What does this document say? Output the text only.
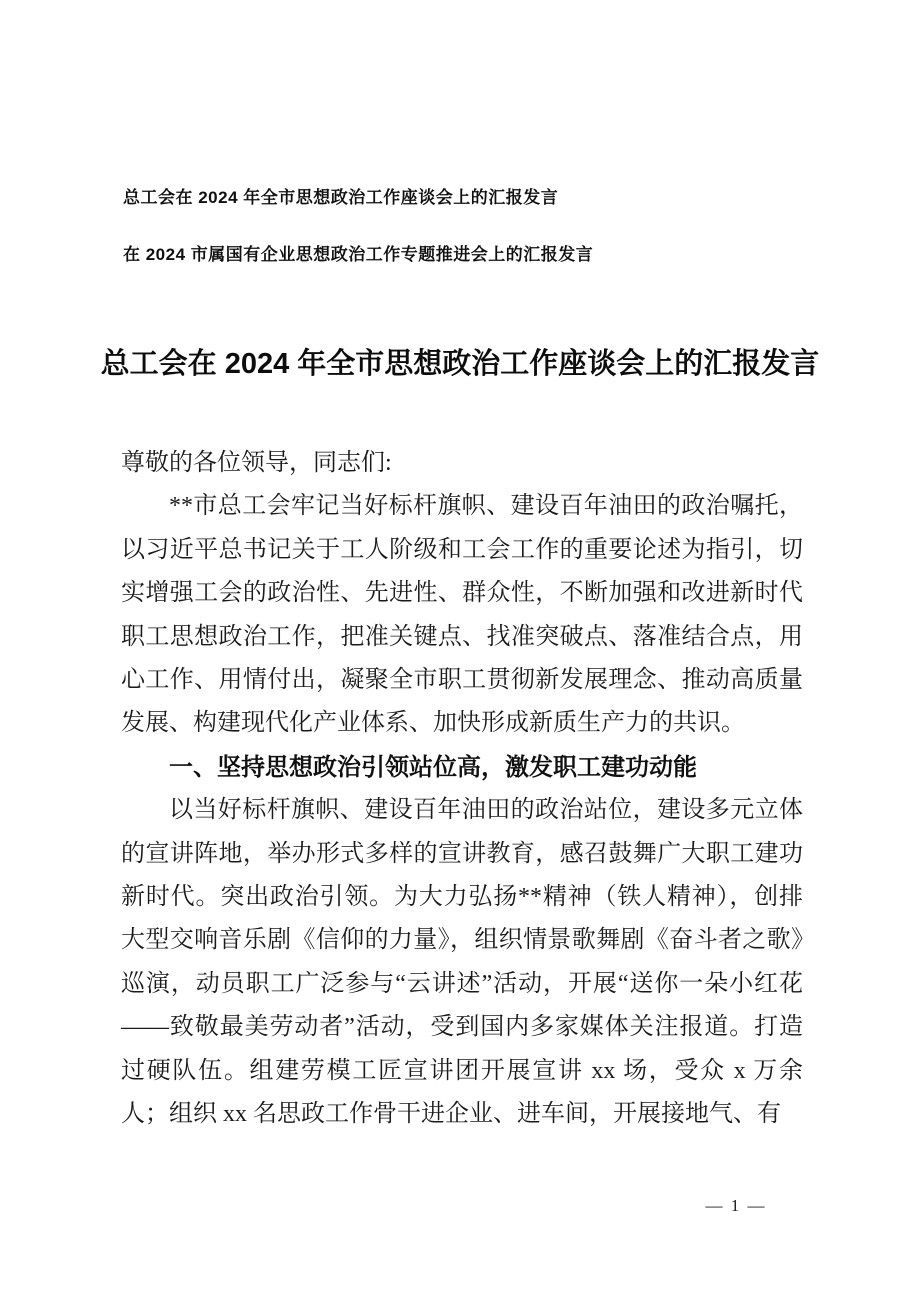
总工会在 2024 年全市思想政治工作座谈会上的汇报发言

在 2024 市属国有企业思想政治工作专题推进会上的汇报发言

总工会在 2024 年全市思想政治工作座谈会上的汇报发言

尊敬的各位领导，同志们:

**市总工会牢记当好标杆旗帜、建设百年油田的政治嘱托，以习近平总书记关于工人阶级和工会工作的重要论述为指引，切实增强工会的政治性、先进性、群众性，不断加强和改进新时代职工思想政治工作，把准关键点、找准突破点、落准结合点，用心工作、用情付出，凝聚全市职工贯彻新发展理念、推动高质量发展、构建现代化产业体系、加快形成新质生产力的共识。

一、坚持思想政治引领站位高，激发职工建功动能

以当好标杆旗帜、建设百年油田的政治站位，建设多元立体的宣讲阵地，举办形式多样的宣讲教育，感召鼓舞广大职工建功新时代。突出政治引领。为大力弘扬**精神（铁人精神），创排大型交响音乐剧《信仰的力量》，组织情景歌舞剧《奋斗者之歌》巡演，动员职工广泛参与“云讲述”活动，开展“送你一朵小红花——致敬最美劳动者”活动，受到国内多家媒体关注报道。打造过硬队伍。组建劳模工匠宣讲团开展宣讲 xx 场，受众 x 万余人；组织 xx 名思政工作骨干进企业、进车间，开展接地气、有

— 1 —
